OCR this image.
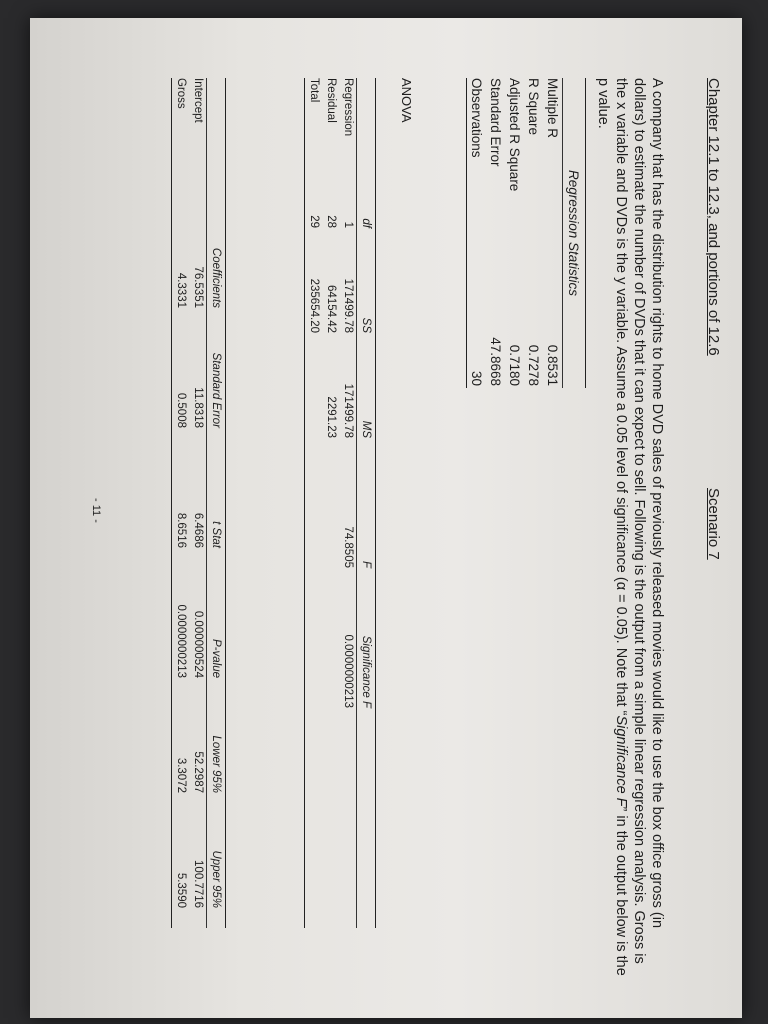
Chapter 12.1 to 12.3, and portions of 12.6
Scenario 7
A company that has the distribution rights to home DVD sales of previously released movies would like to use the box office gross (in dollars) to estimate the number of DVDs that it can expect to sell. Following is the output from a simple linear regression analysis. Gross is the x variable and DVDs is the y variable. Assume a 0.05 level of significance (α = 0.05). Note that “Significance F” in the output below is the p value.
Regression Statistics
Multiple R
0.8531
R Square
0.7278
Adjusted R Square
0.7180
Standard Error
47.8668
Observations
30
ANOVA
df
SS
MS
F
Significance F
Regression
1
171499.78
171499.78
74.8505
0.0000000213
Residual
28
64154.42
2291.23
Total
29
235654.20
Coefficients
Standard Error
t Stat
P-value
Lower 95%
Upper 95%
Intercept
76.5351
11.8318
6.4686
0.000000524
52.2987
100.7716
Gross
4.3331
0.5008
8.6516
0.0000000213
3.3072
5.3590
- 11 -
